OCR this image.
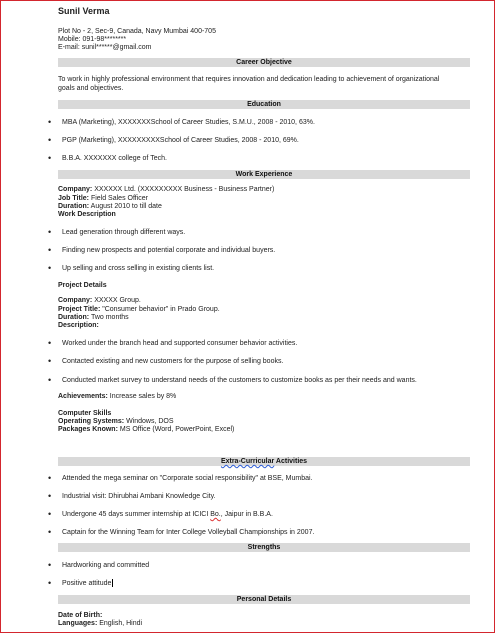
Sunil Verma
Plot No - 2, Sec-9, Canada, Navy Mumbai 400-705
Mobile: 091-98********
E-mail: sunil******@gmail.com
Career Objective
To work in highly professional environment that requires innovation and dedication leading to achievement of organizational goals and objectives.
Education
• MBA (Marketing), XXXXXXXSchool of Career Studies, S.M.U., 2008 - 2010, 63%.
• PGP (Marketing), XXXXXXXXXSchool of Career Studies, 2008 - 2010, 69%.
• B.B.A. XXXXXXX college of Tech.
Work Experience
Company: XXXXXX Ltd. (XXXXXXXXX Business - Business Partner)
Job Title: Field Sales Officer
Duration: August 2010 to till date
Work Description
• Lead generation through different ways.
• Finding new prospects and potential corporate and individual buyers.
• Up selling and cross selling in existing clients list.
Project Details
Company: XXXXX Group.
Project Title: "Consumer behavior" in Prado Group.
Duration: Two months
Description:
• Worked under the branch head and supported consumer behavior activities.
• Contacted existing and new customers for the purpose of selling books.
• Conducted market survey to understand needs of the customers to customize books as per their needs and wants.
Achievements: Increase sales by 8%
Computer Skills
Operating Systems: Windows, DOS
Packages Known: MS Office (Word, PowerPoint, Excel)
Extra-Curricular Activities
• Attended the mega seminar on "Corporate social responsibility" at BSE, Mumbai.
• Industrial visit: Dhirubhai Ambani Knowledge City.
• Undergone 45 days summer internship at ICICI Bo., Jaipur in B.B.A.
• Captain for the Winning Team for Inter College Volleyball Championships in 2007.
Strengths
• Hardworking and committed
• Positive attitude
Personal Details
Date of Birth:
Languages: English, Hindi
